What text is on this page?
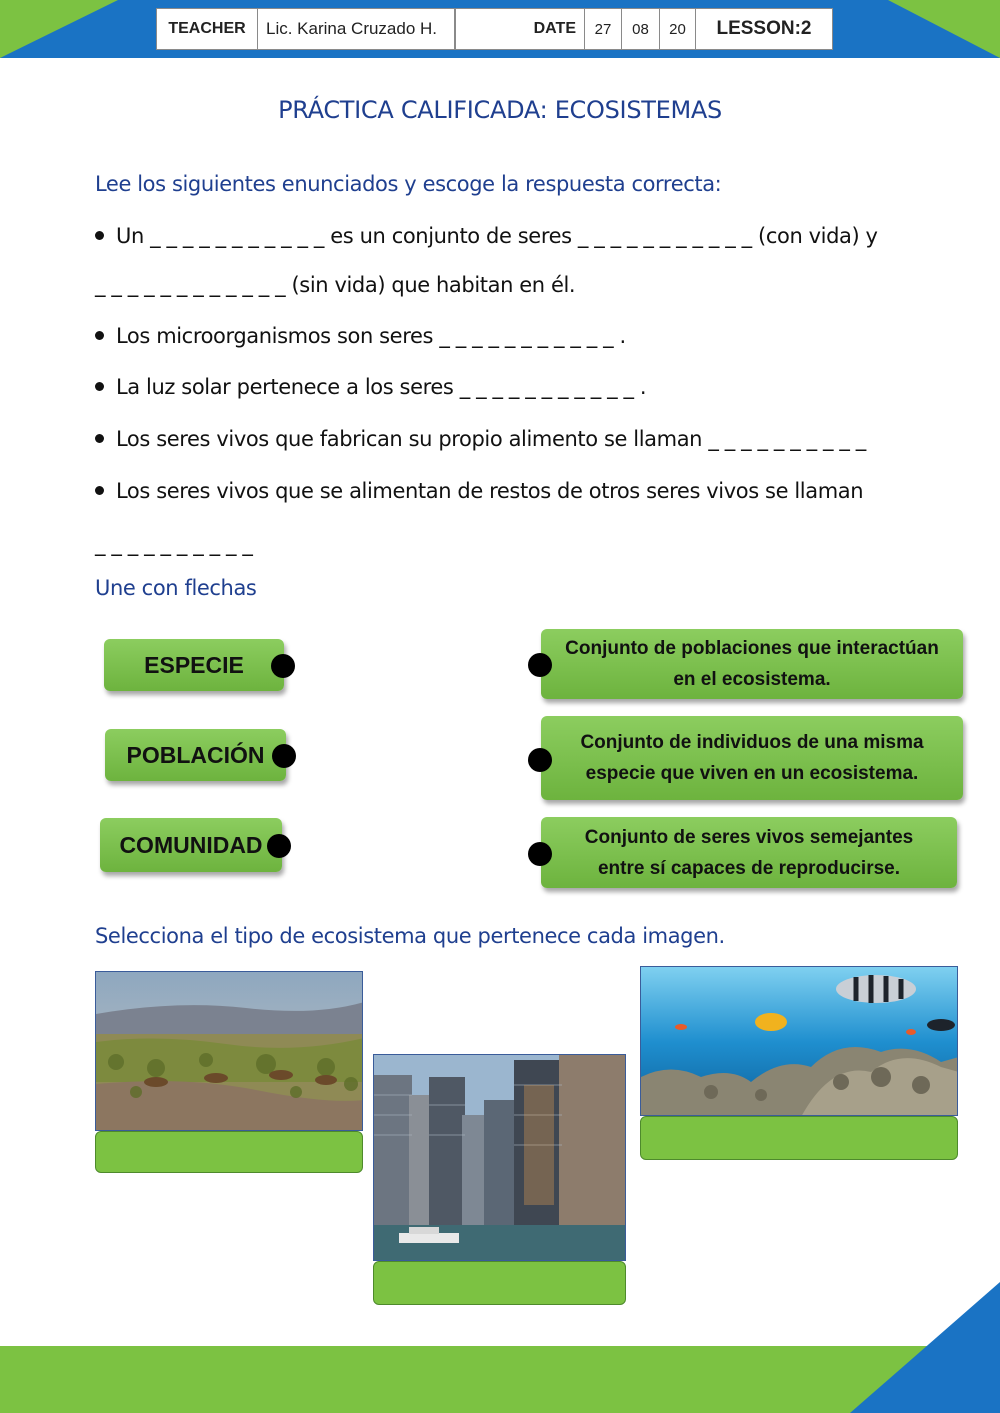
TEACHER	Lic. Karina Cruzado H.	DATE	27	08	20	LESSON:2
PRÁCTICA CALIFICADA: ECOSISTEMAS
Lee los siguientes enunciados y escoge la respuesta correcta:
Un _ _ _ _ _ _ _ _ _ _ _ es un conjunto de seres _ _ _ _ _ _ _ _ _ _ _ (con vida) y
_ _ _ _ _ _ _ _ _ _ _ _ (sin vida) que habitan en él.
Los microorganismos son seres _ _ _ _ _ _ _ _ _ _ _ .
La luz solar pertenece a los seres _ _ _ _ _ _ _ _ _ _ _ .
Los seres vivos que fabrican su propio alimento se llaman _ _ _ _ _ _ _ _ _ _
Los seres vivos que se alimentan de restos de otros seres vivos se llaman
_ _ _ _ _ _ _ _ _ _
Une con flechas
ESPECIE
POBLACIÓN
COMUNIDAD
Conjunto de poblaciones que interactúan en el ecosistema.
Conjunto de individuos de una misma especie que viven en un ecosistema.
Conjunto de seres vivos semejantes entre sí capaces de reproducirse.
Selecciona el tipo de ecosistema que pertenece cada imagen.
